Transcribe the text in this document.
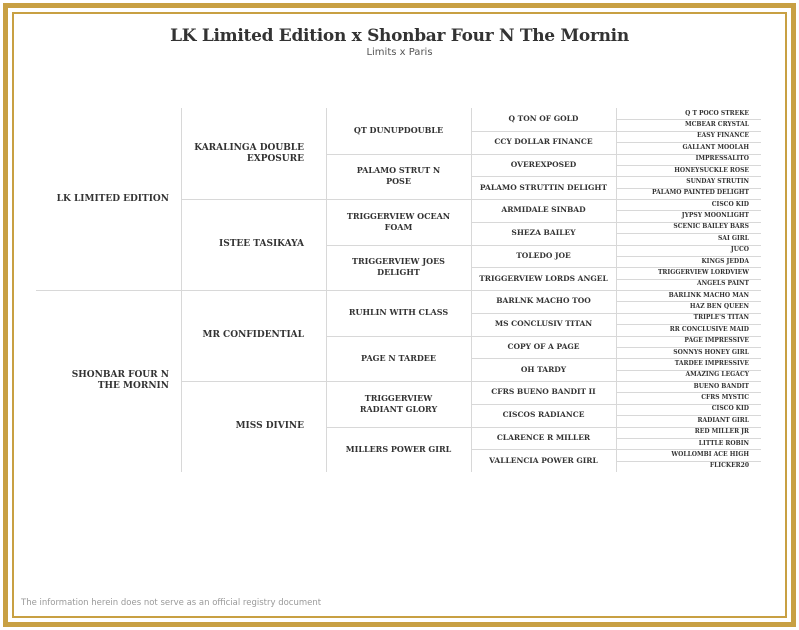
LK Limited Edition x Shonbar Four N The Mornin
Limits x Paris
LK LIMITED EDITION
SHONBAR FOUR N THE MORNIN
KARALINGA DOUBLE EXPOSURE
ISTEE TASIKAYA
MR CONFIDENTIAL
MISS DIVINE
QT DUNUPDOUBLE
PALAMO STRUT N POSE
TRIGGERVIEW OCEAN FOAM
TRIGGERVIEW JOES DELIGHT
RUHLIN WITH CLASS
PAGE N TARDEE
TRIGGERVIEW RADIANT GLORY
MILLERS POWER GIRL
Q TON OF GOLD
CCY DOLLAR FINANCE
OVEREXPOSED
PALAMO STRUTTIN DELIGHT
ARMIDALE SINBAD
SHEZA BAILEY
TOLEDO JOE
TRIGGERVIEW LORDS ANGEL
BARLNK MACHO TOO
MS CONCLUSIV TITAN
COPY OF A PAGE
OH TARDY
CFRS BUENO BANDIT II
CISCOS RADIANCE
CLARENCE R MILLER
VALLENCIA POWER GIRL
Q T POCO STREKE
MCBEAR CRYSTAL
EASY FINANCE
GALLANT MOOLAH
IMPRESSALITO
HONEYSUCKLE ROSE
SUNDAY STRUTIN
PALAMO PAINTED DELIGHT
CISCO KID
JYPSY MOONLIGHT
SCENIC BAILEY BARS
SAI GIRL
JUCO
KINGS JEDDA
TRIGGERVIEW LORDVIEW
ANGELS PAINT
BARLINK MACHO MAN
HAZ BEN QUEEN
TRIPLE'S TITAN
RR CONCLUSIVE MAID
PAGE IMPRESSIVE
SONNYS HONEY GIRL
TARDEE IMPRESSIVE
AMAZING LEGACY
BUENO BANDIT
CFRS MYSTIC
CISCO KID
RADIANT GIRL
RED MILLER JR
LITTLE ROBIN
WOLLOMBI ACE HIGH
FLICKER20
The information herein does not serve as an official registry document
